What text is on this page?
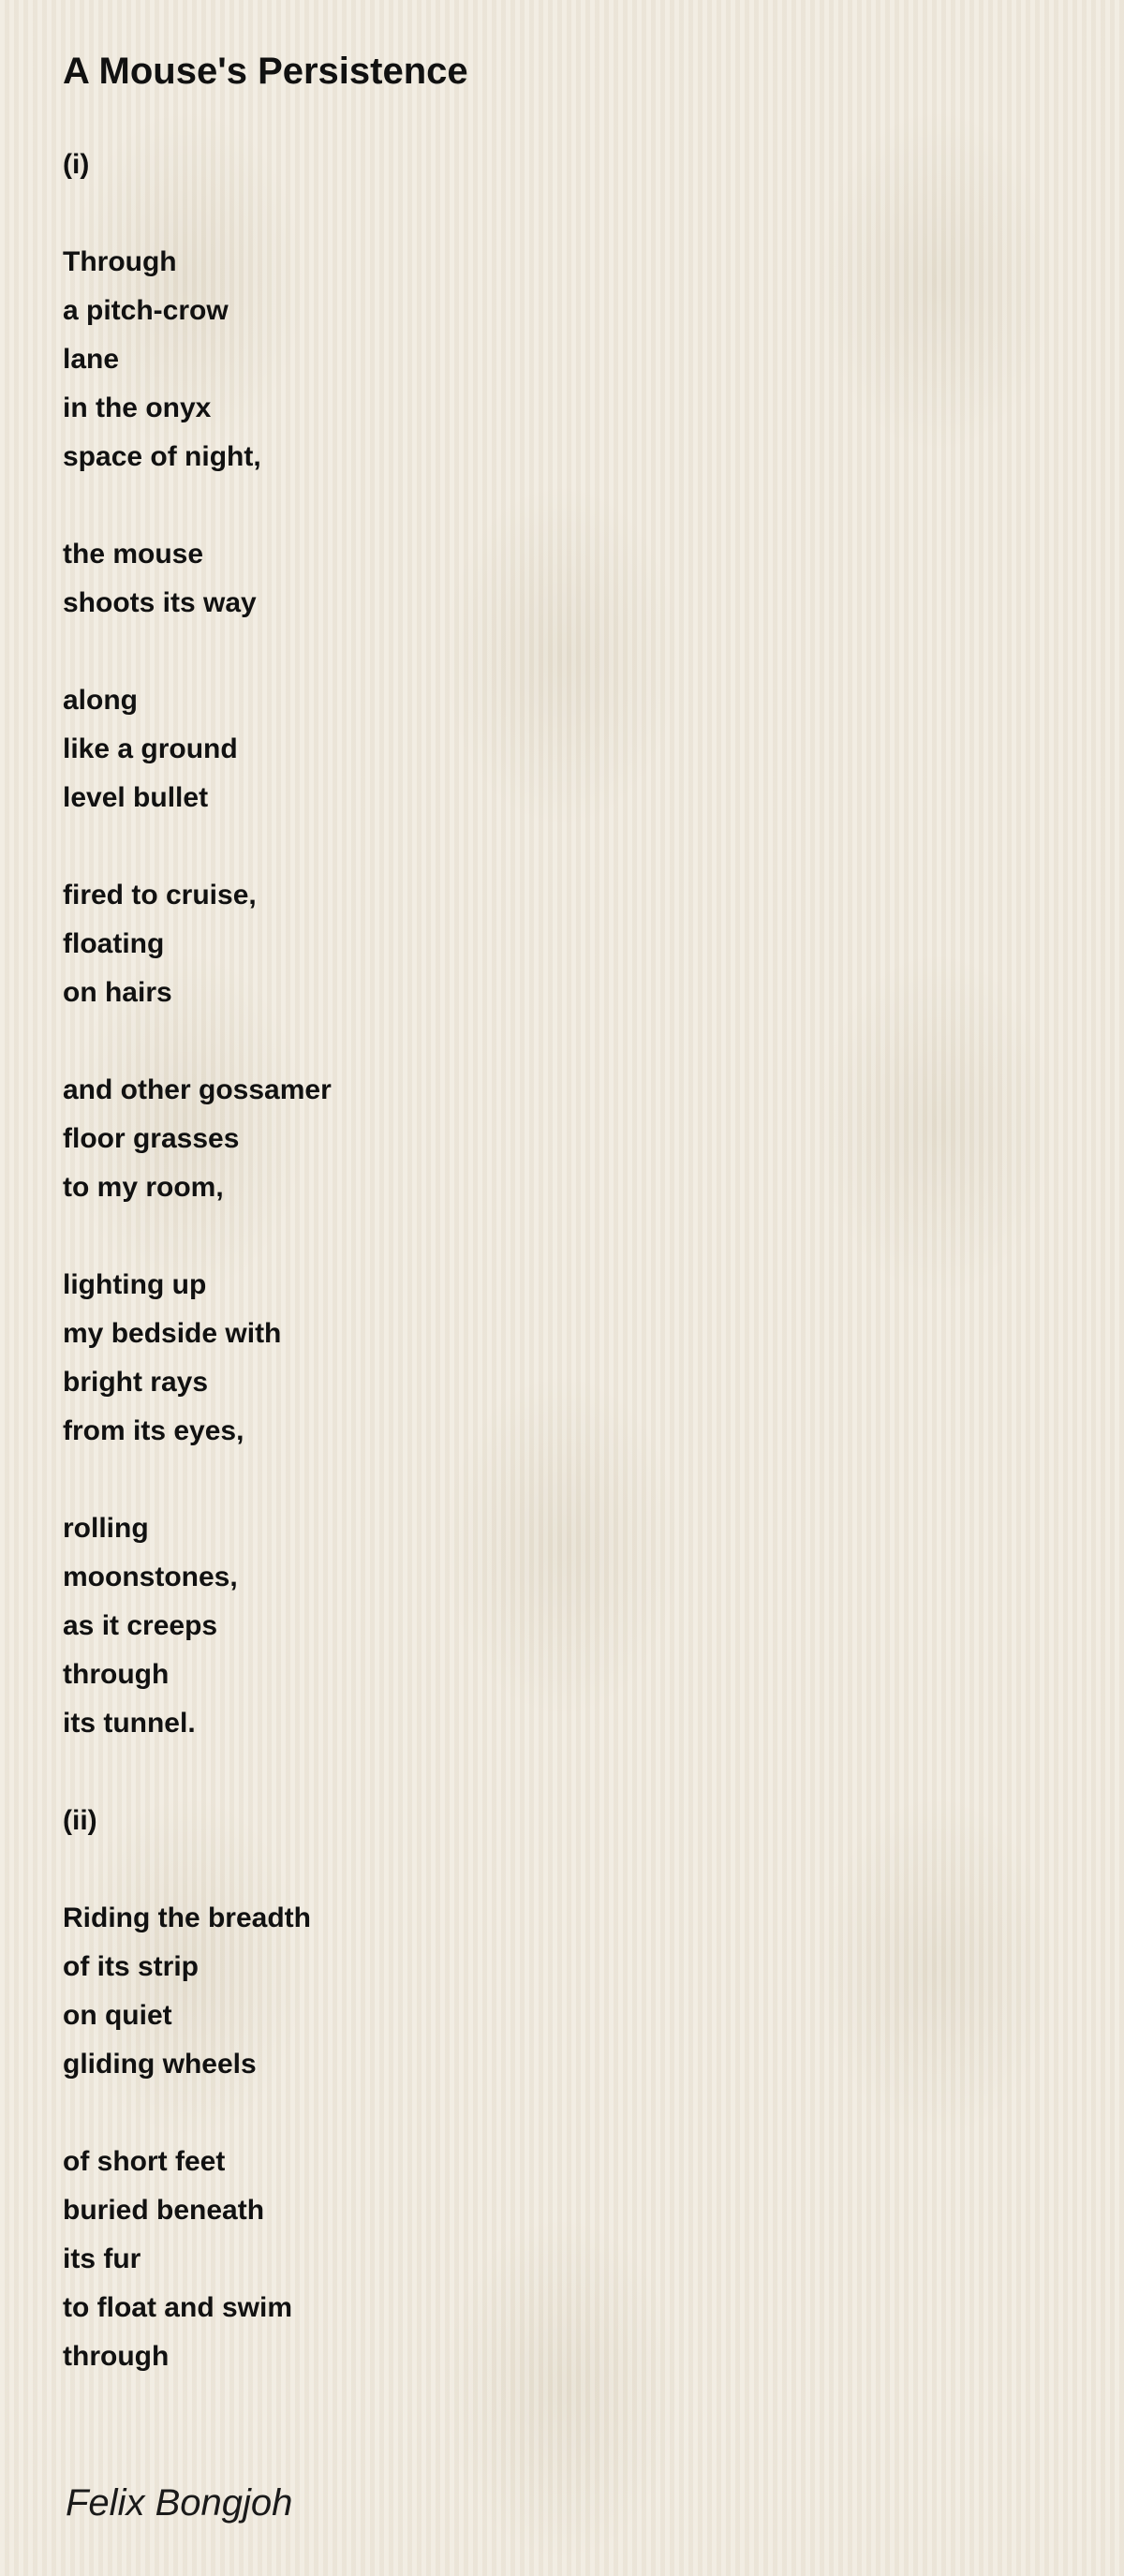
A Mouse's Persistence
(i)
Through
a pitch-crow
lane
in the onyx
space of night,
the mouse
shoots its way
along
like a ground
level bullet
fired to cruise,
floating
on hairs
and other gossamer
floor grasses
to my room,
lighting up
my bedside with
bright rays
from its eyes,
rolling
moonstones,
as it creeps
through
its tunnel.
(ii)
Riding the breadth
of its strip
on quiet
gliding wheels
of short feet
buried beneath
its fur
to float and swim
through
Felix Bongjoh
